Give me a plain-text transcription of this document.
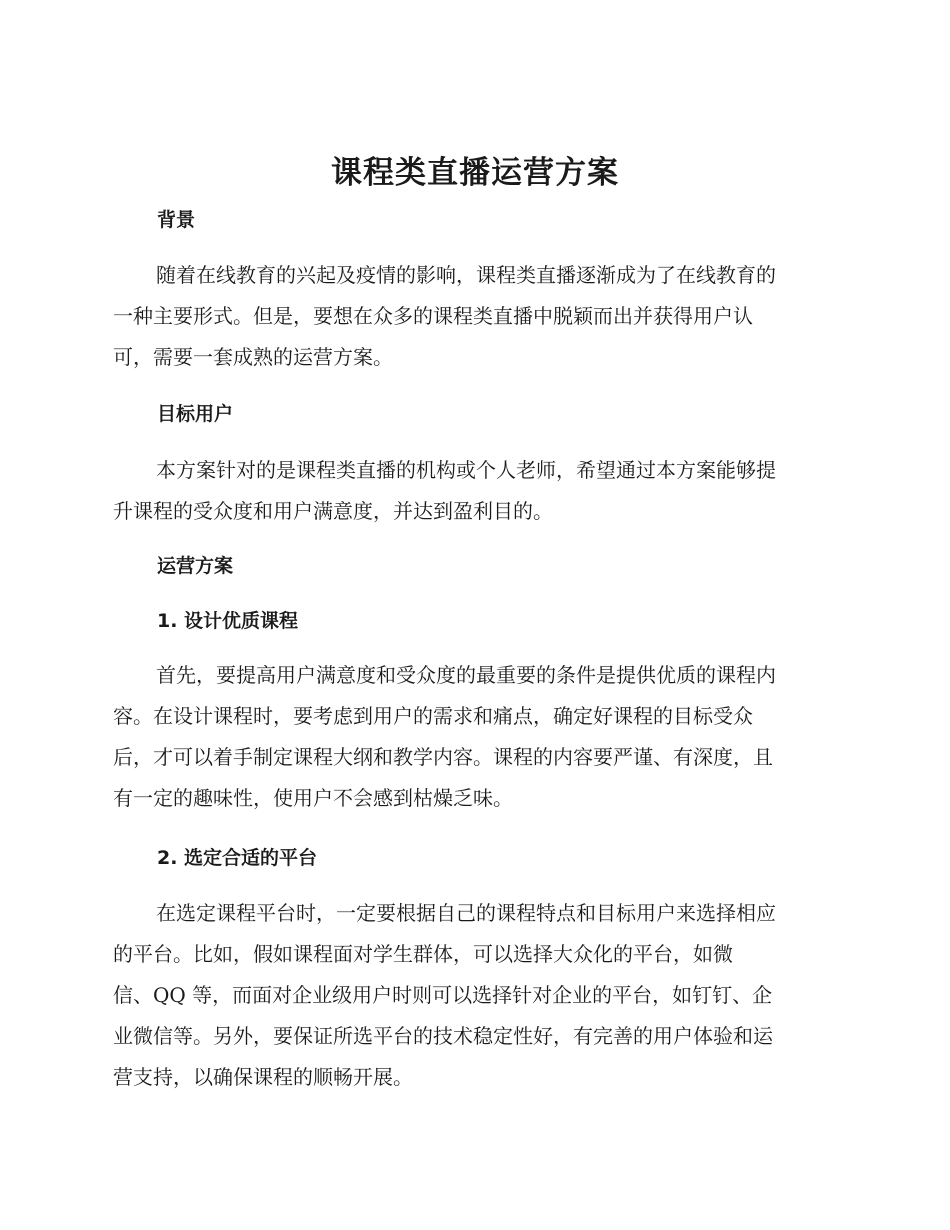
课程类直播运营方案
背景

随着在线教育的兴起及疫情的影响，课程类直播逐渐成为了在线教育的
一种主要形式。但是，要想在众多的课程类直播中脱颖而出并获得用户认
可，需要一套成熟的运营方案。

目标用户

本方案针对的是课程类直播的机构或个人老师，希望通过本方案能够提
升课程的受众度和用户满意度，并达到盈利目的。

运营方案
1. 设计优质课程

首先，要提高用户满意度和受众度的最重要的条件是提供优质的课程内
容。在设计课程时，要考虑到用户的需求和痛点，确定好课程的目标受众
后，才可以着手制定课程大纲和教学内容。课程的内容要严谨、有深度，且
有一定的趣味性，使用户不会感到枯燥乏味。

2. 选定合适的平台

在选定课程平台时，一定要根据自己的课程特点和目标用户来选择相应
的平台。比如，假如课程面对学生群体，可以选择大众化的平台，如微
信、QQ 等，而面对企业级用户时则可以选择针对企业的平台，如钉钉、企
业微信等。另外，要保证所选平台的技术稳定性好，有完善的用户体验和运
营支持，以确保课程的顺畅开展。
